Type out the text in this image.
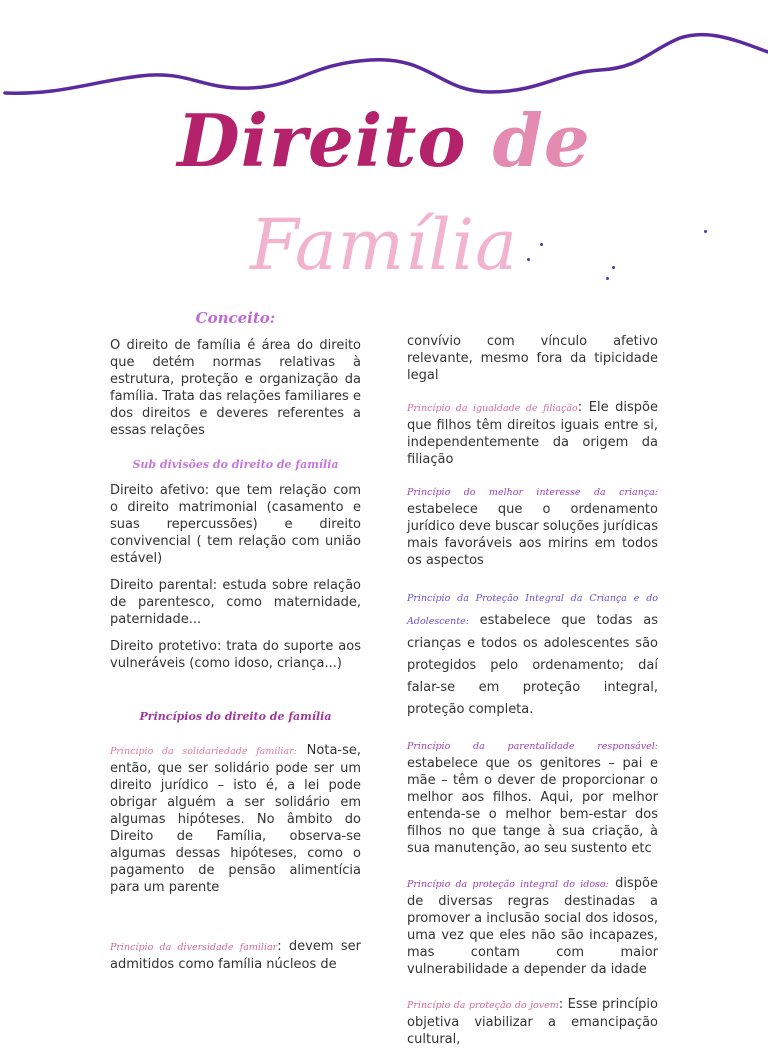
Direito de
Família

Conceito:

O direito de família é área do direito que detém normas relativas à estrutura, proteção e organização da família. Trata das relações familiares e dos direitos e deveres referentes a essas relações

Sub divisões do direito de família

Direito afetivo: que tem relação com o direito matrimonial (casamento e suas repercussões) e direito convivencial ( tem relação com união estável)

Direito parental: estuda sobre relação de parentesco, como maternidade, paternidade...

Direito protetivo: trata do suporte aos vulneráveis (como idoso, criança...)

Princípios do direito de família

Princípio da solidariedade familiar: Nota-se, então, que ser solidário pode ser um direito jurídico – isto é, a lei pode obrigar alguém a ser solidário em algumas hipóteses. No âmbito do Direito de Família, observa-se algumas dessas hipóteses, como o pagamento de pensão alimentícia para um parente

Princípio da diversidade familiar: devem ser admitidos como família núcleos de

convívio com vínculo afetivo relevante, mesmo fora da tipicidade legal

Princípio da igualdade de filiação: Ele dispõe que filhos têm direitos iguais entre si, independentemente da origem da filiação

Princípio do melhor interesse da criança: estabelece que o ordenamento jurídico deve buscar soluções jurídicas mais favoráveis aos mirins em todos os aspectos

Princípio da Proteção Integral da Criança e do Adolescente: estabelece que todas as crianças e todos os adolescentes são protegidos pelo ordenamento; daí falar-se em proteção integral, proteção completa.

Princípio da parentalidade responsável: estabelece que os genitores – pai e mãe – têm o dever de proporcionar o melhor aos filhos. Aqui, por melhor entenda-se o melhor bem-estar dos filhos no que tange à sua criação, à sua manutenção, ao seu sustento etc

Princípio da proteção integral do idoso: dispõe de diversas regras destinadas a promover a inclusão social dos idosos, uma vez que eles não são incapazes, mas contam com maior vulnerabilidade a depender da idade

Princípio da proteção do jovem: Esse princípio objetiva viabilizar a emancipação cultural,
